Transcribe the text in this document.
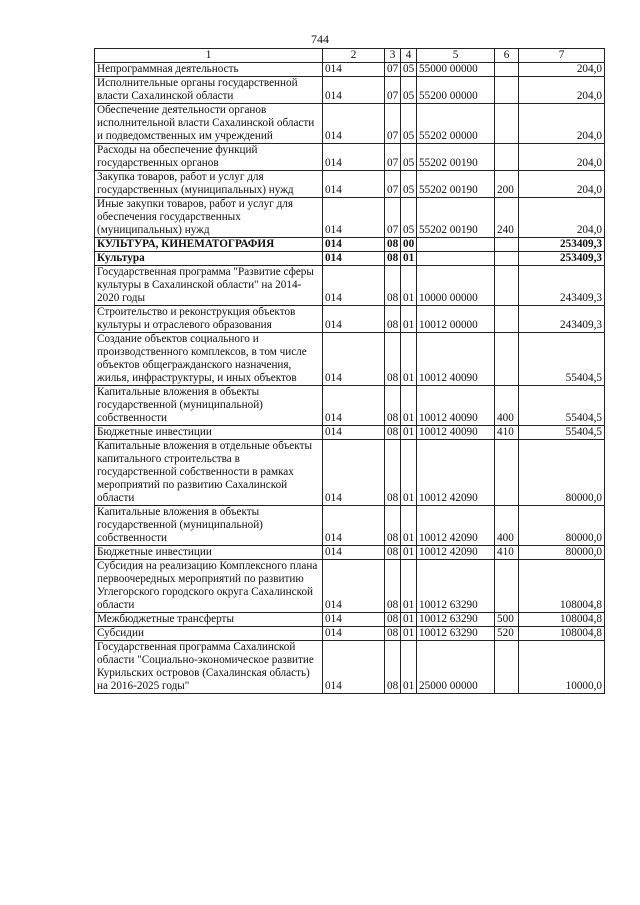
744
1	2	3	4	5	6	7
Непрограммная деятельность	014	07	05	55000 00000		204,0
Исполнительные органы государственной власти Сахалинской области	014	07	05	55200 00000		204,0
Обеспечение деятельности органов исполнительной власти Сахалинской области и подведомственных им учреждений	014	07	05	55202 00000		204,0
Расходы на обеспечение функций государственных органов	014	07	05	55202 00190		204,0
Закупка товаров, работ и услуг для государственных (муниципальных) нужд	014	07	05	55202 00190	200	204,0
Иные закупки товаров, работ и услуг для обеспечения государственных (муниципальных) нужд	014	07	05	55202 00190	240	204,0
КУЛЬТУРА, КИНЕМАТОГРАФИЯ	014	08	00			253409,3
Культура	014	08	01			253409,3
Государственная программа "Развитие сферы культуры в Сахалинской области" на 2014-2020 годы	014	08	01	10000 00000		243409,3
Строительство и реконструкция объектов культуры и отраслевого образования	014	08	01	10012 00000		243409,3
Создание объектов социального и производственного комплексов, в том числе объектов общегражданского назначения, жилья, инфраструктуры, и иных объектов	014	08	01	10012 40090		55404,5
Капитальные вложения в объекты государственной (муниципальной) собственности	014	08	01	10012 40090	400	55404,5
Бюджетные инвестиции	014	08	01	10012 40090	410	55404,5
Капитальные вложения в отдельные объекты капитального строительства в государственной собственности в рамках мероприятий по развитию Сахалинской области	014	08	01	10012 42090		80000,0
Капитальные вложения в объекты государственной (муниципальной) собственности	014	08	01	10012 42090	400	80000,0
Бюджетные инвестиции	014	08	01	10012 42090	410	80000,0
Субсидия на реализацию Комплексного плана первоочередных мероприятий по развитию Углегорского городского округа Сахалинской области	014	08	01	10012 63290		108004,8
Межбюджетные трансферты	014	08	01	10012 63290	500	108004,8
Субсидии	014	08	01	10012 63290	520	108004,8
Государственная программа Сахалинской области "Социально-экономическое развитие Курильских островов (Сахалинская область) на 2016-2025 годы"	014	08	01	25000 00000		10000,0
